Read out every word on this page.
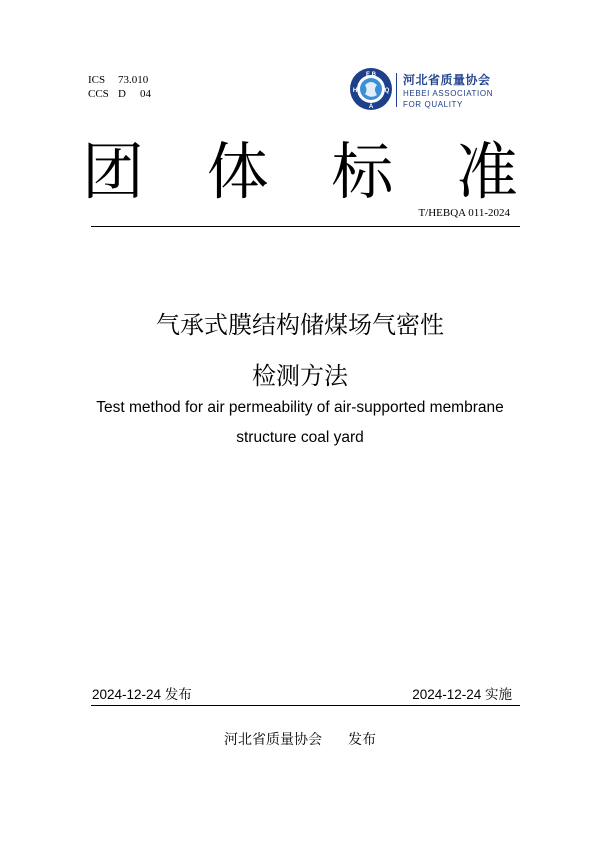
ICS 73.010
CCS D 04
E B
H	Q
A
河北省质量协会
HEBEI ASSOCIATION
FOR QUALITY
团 体 标 准
T/HEBQA 011-2024
气承式膜结构储煤场气密性
检测方法
Test method for air permeability of air-supported membrane
structure coal yard
2024-12-24 发布	2024-12-24 实施
河北省质量协会 发布
